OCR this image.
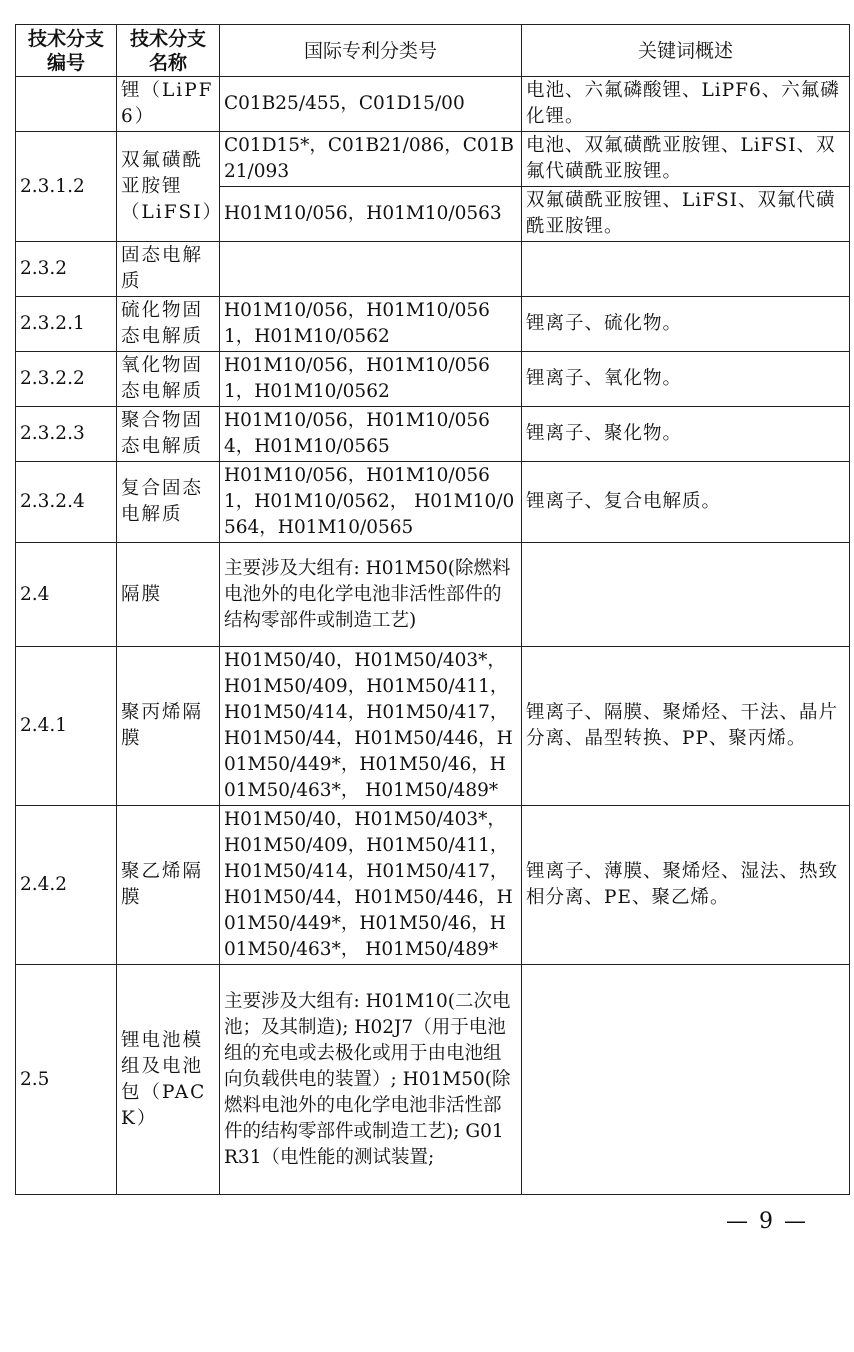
技术分支编号	技术分支名称	国际专利分类号	关键词概述
	锂（LiPF6）	C01B25/455，C01D15/00	电池、六氟磷酸锂、LiPF6、六氟磷化锂。
2.3.1.2	双氟磺酰亚胺锂（LiFSI）	C01D15*，C01B21/086，C01B21/093	电池、双氟磺酰亚胺锂、LiFSI、双氟代磺酰亚胺锂。
		H01M10/056，H01M10/0563	双氟磺酰亚胺锂、LiFSI、双氟代磺酰亚胺锂。
2.3.2	固态电解质		
2.3.2.1	硫化物固态电解质	H01M10/056，H01M10/0561，H01M10/0562	锂离子、硫化物。
2.3.2.2	氧化物固态电解质	H01M10/056，H01M10/0561，H01M10/0562	锂离子、氧化物。
2.3.2.3	聚合物固态电解质	H01M10/056，H01M10/0564，H01M10/0565	锂离子、聚化物。
2.3.2.4	复合固态电解质	H01M10/056，H01M10/0561，H01M10/0562， H01M10/0564，H01M10/0565	锂离子、复合电解质。
2.4	隔膜	主要涉及大组有: H01M50(除燃料电池外的电化学电池非活性部件的结构零部件或制造工艺)	
2.4.1	聚丙烯隔膜	H01M50/40，H01M50/403*，H01M50/409，H01M50/411，H01M50/414，H01M50/417，H01M50/44，H01M50/446，H01M50/449*，H01M50/46，H01M50/463*， H01M50/489*	锂离子、隔膜、聚烯烃、干法、晶片分离、晶型转换、PP、聚丙烯。
2.4.2	聚乙烯隔膜	H01M50/40，H01M50/403*，H01M50/409，H01M50/411，H01M50/414，H01M50/417，H01M50/44，H01M50/446，H01M50/449*，H01M50/46，H01M50/463*， H01M50/489*	锂离子、薄膜、聚烯烃、湿法、热致相分离、PE、聚乙烯。
2.5	锂电池模组及电池包（PACK）	主要涉及大组有: H01M10(二次电池；及其制造); H02J7（用于电池组的充电或去极化或用于由电池组向负载供电的装置）; H01M50(除燃料电池外的电化学电池非活性部件的结构零部件或制造工艺); G01R31（电性能的测试装置;	
— 9 —
